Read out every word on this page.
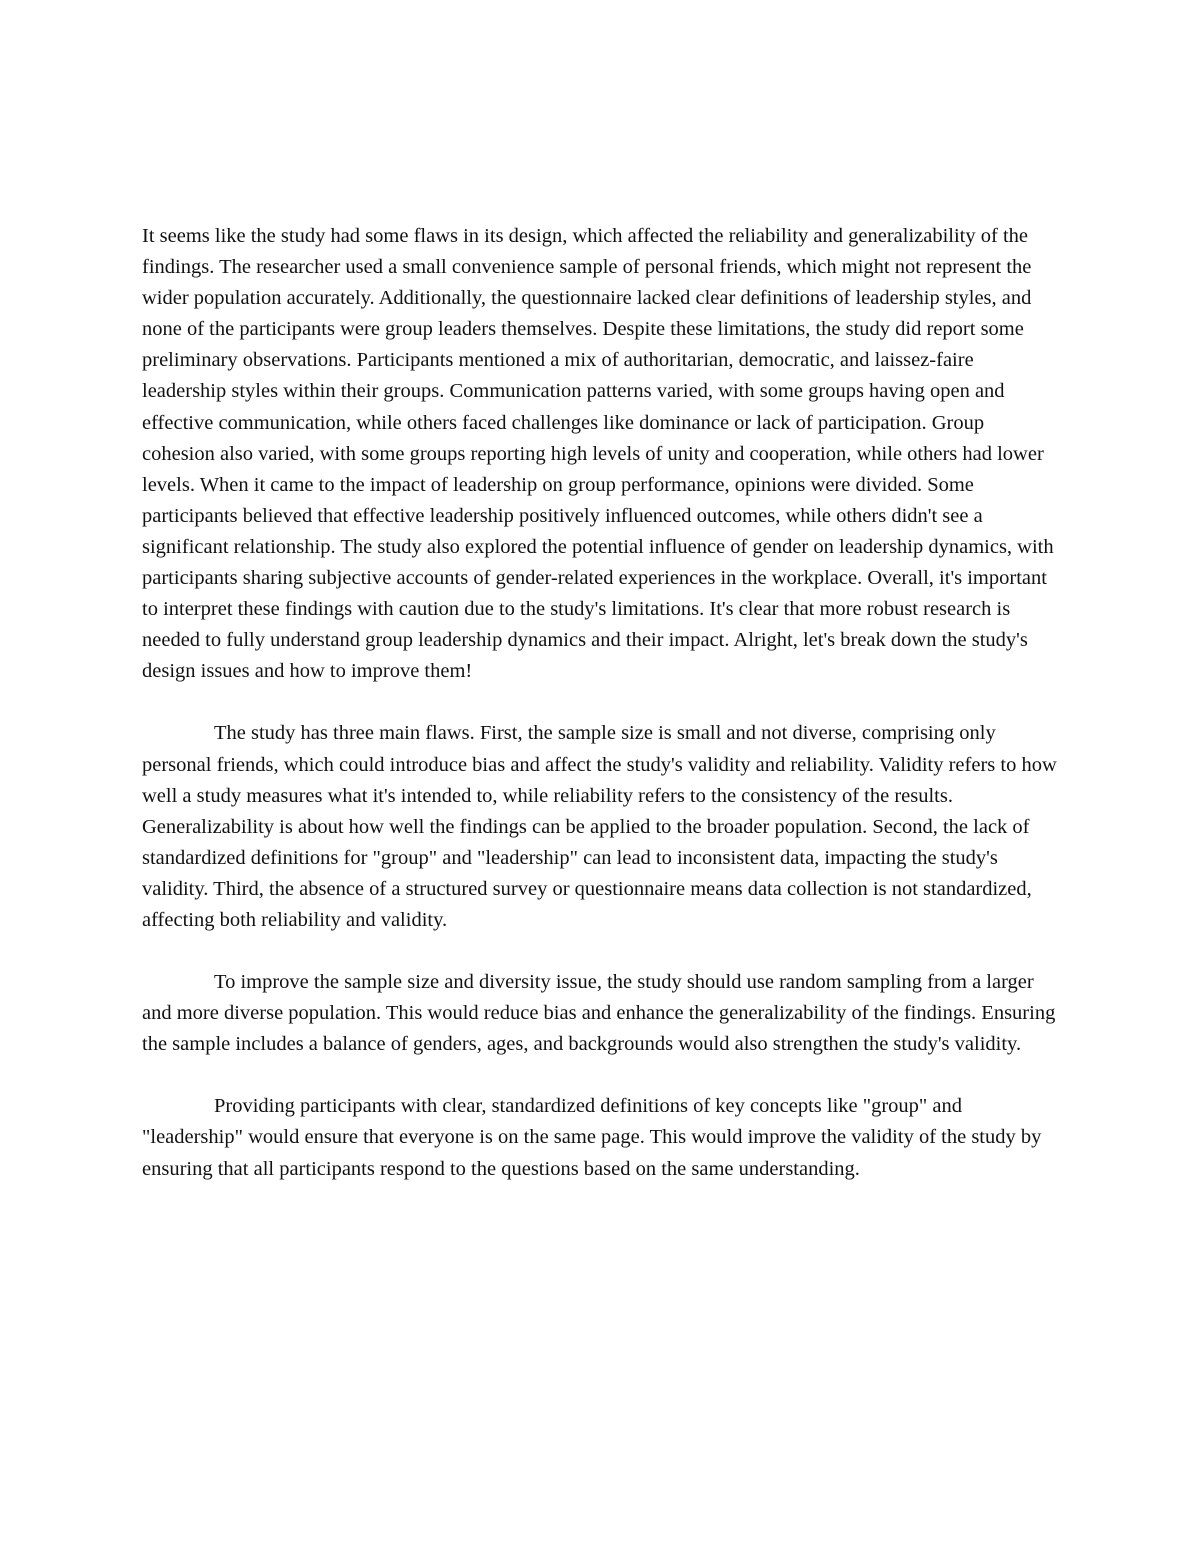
It seems like the study had some flaws in its design, which affected the reliability and generalizability of the findings. The researcher used a small convenience sample of personal friends, which might not represent the wider population accurately. Additionally, the questionnaire lacked clear definitions of leadership styles, and none of the participants were group leaders themselves. Despite these limitations, the study did report some preliminary observations. Participants mentioned a mix of authoritarian, democratic, and laissez-faire leadership styles within their groups. Communication patterns varied, with some groups having open and effective communication, while others faced challenges like dominance or lack of participation. Group cohesion also varied, with some groups reporting high levels of unity and cooperation, while others had lower levels. When it came to the impact of leadership on group performance, opinions were divided. Some participants believed that effective leadership positively influenced outcomes, while others didn't see a significant relationship. The study also explored the potential influence of gender on leadership dynamics, with participants sharing subjective accounts of gender-related experiences in the workplace. Overall, it's important to interpret these findings with caution due to the study's limitations. It's clear that more robust research is needed to fully understand group leadership dynamics and their impact. Alright, let's break down the study's design issues and how to improve them!

The study has three main flaws. First, the sample size is small and not diverse, comprising only personal friends, which could introduce bias and affect the study's validity and reliability. Validity refers to how well a study measures what it's intended to, while reliability refers to the consistency of the results. Generalizability is about how well the findings can be applied to the broader population. Second, the lack of standardized definitions for "group" and "leadership" can lead to inconsistent data, impacting the study's validity. Third, the absence of a structured survey or questionnaire means data collection is not standardized, affecting both reliability and validity.

To improve the sample size and diversity issue, the study should use random sampling from a larger and more diverse population. This would reduce bias and enhance the generalizability of the findings. Ensuring the sample includes a balance of genders, ages, and backgrounds would also strengthen the study's validity.

Providing participants with clear, standardized definitions of key concepts like "group" and "leadership" would ensure that everyone is on the same page. This would improve the validity of the study by ensuring that all participants respond to the questions based on the same understanding.
